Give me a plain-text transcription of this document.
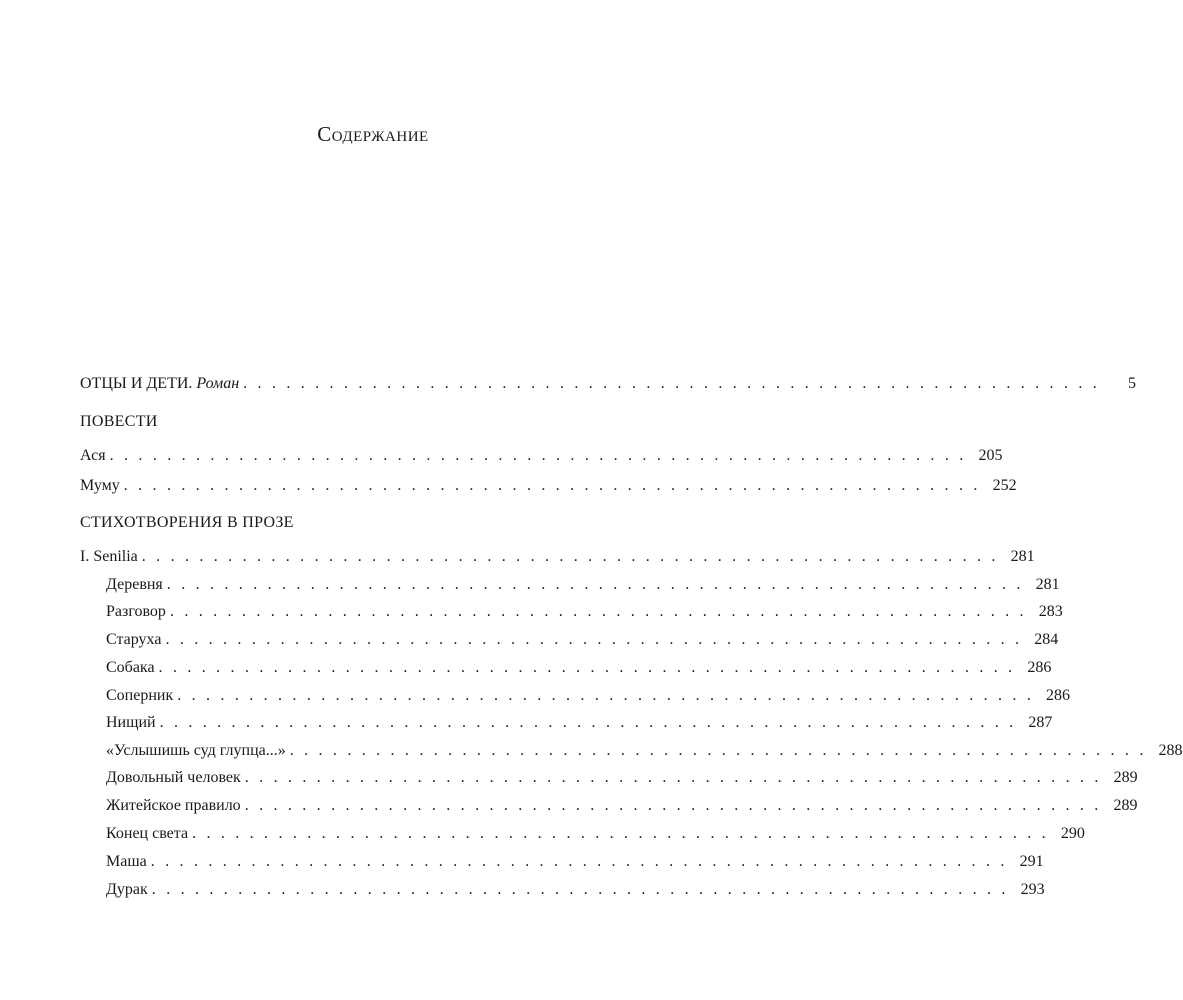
Содержание
ОТЦЫ И ДЕТИ. Роман . . . . . . . . . . . . . . . . . . . . . . . . . . . . . . . . . . . . . . . . . . . . . . . . . . . . . . . . . . . .	5
ПОВЕСТИ
Ася . . . . . . . . . . . . . . . . . . . . . . . . . . . . . . . . . . . . . . . . . . . . . . . . . . . . . . . . . . . . 205
Муму . . . . . . . . . . . . . . . . . . . . . . . . . . . . . . . . . . . . . . . . . . . . . . . . . . . . . . . . . . . . 252
СТИХОТВОРЕНИЯ В ПРОЗЕ
I. Senilia . . . . . . . . . . . . . . . . . . . . . . . . . . . . . . . . . . . . . . . . . . . . . . . . . . . . . . . . . . . . 281
Деревня . . . . . . . . . . . . . . . . . . . . . . . . . . . . . . . . . . . . . . . . . . . . . . . . . . . . . . . . . . . . 281
Разговор . . . . . . . . . . . . . . . . . . . . . . . . . . . . . . . . . . . . . . . . . . . . . . . . . . . . . . . . . . . . 283
Старуха . . . . . . . . . . . . . . . . . . . . . . . . . . . . . . . . . . . . . . . . . . . . . . . . . . . . . . . . . . . . 284
Собака . . . . . . . . . . . . . . . . . . . . . . . . . . . . . . . . . . . . . . . . . . . . . . . . . . . . . . . . . . . . 286
Соперник . . . . . . . . . . . . . . . . . . . . . . . . . . . . . . . . . . . . . . . . . . . . . . . . . . . . . . . . . . . . 286
Нищий . . . . . . . . . . . . . . . . . . . . . . . . . . . . . . . . . . . . . . . . . . . . . . . . . . . . . . . . . . . . 287
«Услышишь суд глупца...» . . . . . . . . . . . . . . . . . . . . . . . . . . . . . . . . . . . . . . . . . . . . . . . . . . . . . . . . . . . . 288
Довольный человек . . . . . . . . . . . . . . . . . . . . . . . . . . . . . . . . . . . . . . . . . . . . . . . . . . . . . . . . . . . . 289
Житейское правило . . . . . . . . . . . . . . . . . . . . . . . . . . . . . . . . . . . . . . . . . . . . . . . . . . . . . . . . . . . . 289
Конец света . . . . . . . . . . . . . . . . . . . . . . . . . . . . . . . . . . . . . . . . . . . . . . . . . . . . . . . . . . . . 290
Маша . . . . . . . . . . . . . . . . . . . . . . . . . . . . . . . . . . . . . . . . . . . . . . . . . . . . . . . . . . . . 291
Дурак . . . . . . . . . . . . . . . . . . . . . . . . . . . . . . . . . . . . . . . . . . . . . . . . . . . . . . . . . . . . 293
